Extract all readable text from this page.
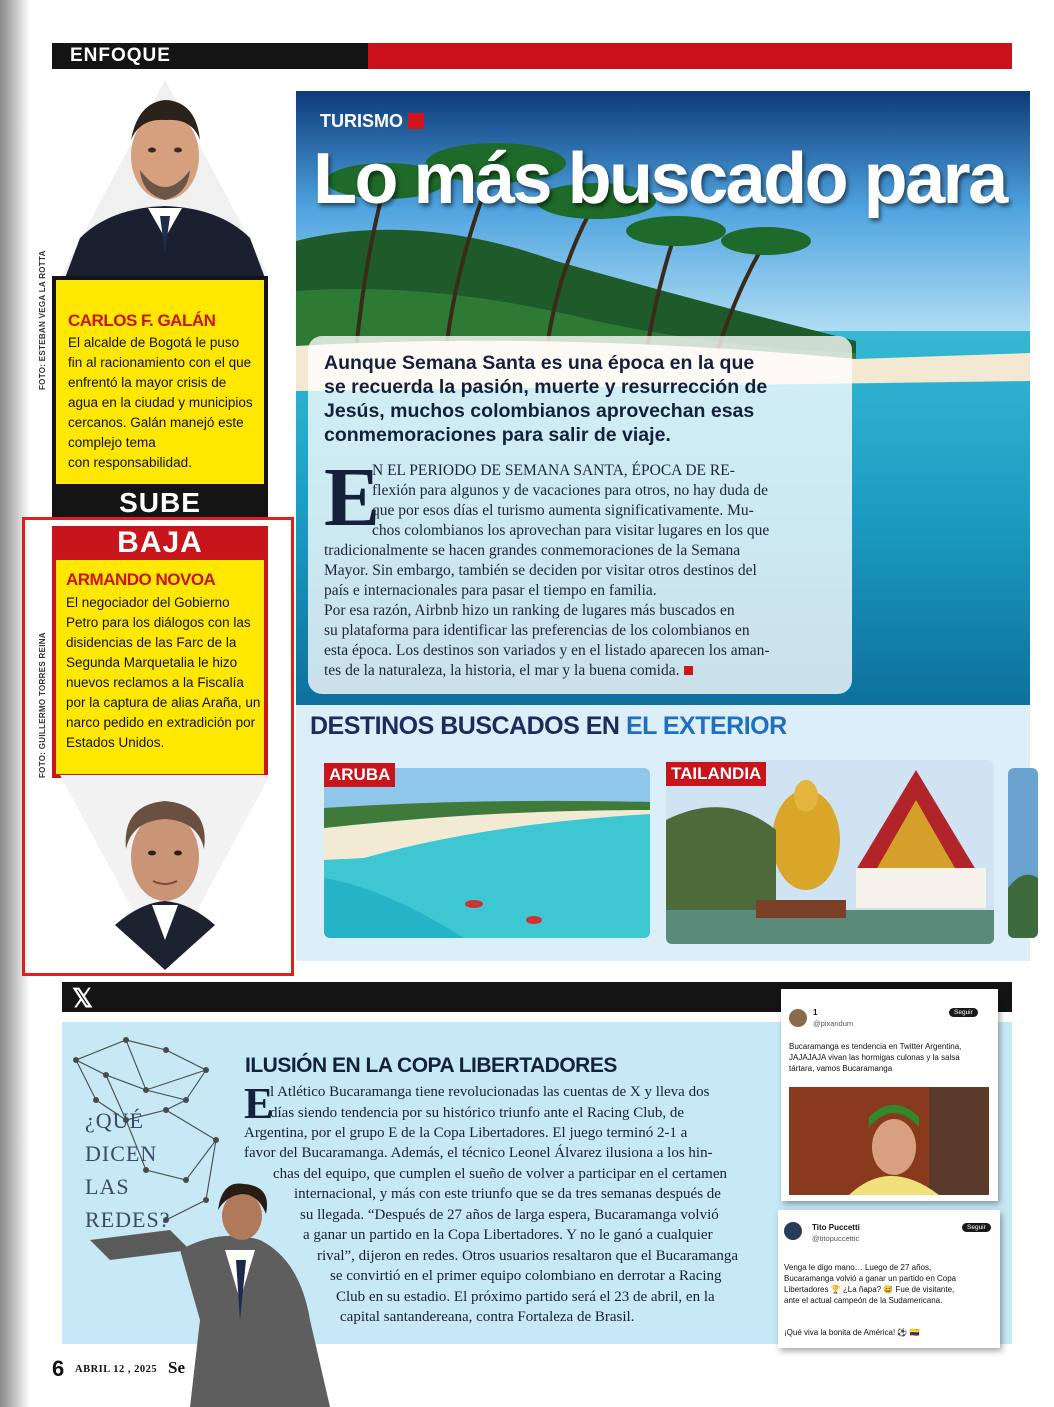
ENFOQUE
FOTO: ESTEBAN VEGA LA ROTTA CARLOS F. GALÁN
El alcalde de Bogotá le puso
fin al racionamiento con el que
enfrentó la mayor crisis de
agua en la ciudad y municipios
cercanos. Galán manejó este
complejo tema
con responsabilidad.
SUBE
BAJA
FOTO: GUILLERMO TORRES REINA
ARMANDO NOVOA
El negociador del Gobierno
Petro para los diálogos con las
disidencias de las Farc de la
Segunda Marquetalia le hizo
nuevos reclamos a la Fiscalía
por la captura de alias Araña, un
narco pedido en extradición por
Estados Unidos.
TURISMO
Lo más buscado para
Aunque Semana Santa es una época en la que
se recuerda la pasión, muerte y resurrección de
Jesús, muchos colombianos aprovechan esas
conmemoraciones para salir de viaje.
E
N EL PERIODO DE SEMANA SANTA, ÉPOCA DE RE-
flexión para algunos y de vacaciones para otros, no hay duda de
que por esos días el turismo aumenta significativamente. Mu-
chos colombianos los aprovechan para visitar lugares en los que
tradicionalmente se hacen grandes conmemoraciones de la Semana
Mayor. Sin embargo, también se deciden por visitar otros destinos del
país e internacionales para pasar el tiempo en familia.
Por esa razón, Airbnb hizo un ranking de lugares más buscados en
su plataforma para identificar las preferencias de los colombianos en
esta época. Los destinos son variados y en el listado aparecen los aman-
tes de la naturaleza, la historia, el mar y la buena comida.
DESTINOS BUSCADOS EN EL EXTERIOR
ARUBA	TAILANDIA
𝕏
¿QUÉ
DICEN
LAS
REDES?
ILUSIÓN EN LA COPA LIBERTADORES
E
l Atlético Bucaramanga tiene revolucionadas las cuentas de X y lleva dos
días siendo tendencia por su histórico triunfo ante el Racing Club, de
Argentina, por el grupo E de la Copa Libertadores. El juego terminó 2-1 a
favor del Bucaramanga. Además, el técnico Leonel Álvarez ilusiona a los hin-
chas del equipo, que cumplen el sueño de volver a participar en el certamen
internacional, y más con este triunfo que se da tres semanas después de
su llegada. “Después de 27 años de larga espera, Bucaramanga volvió
a ganar un partido en la Copa Libertadores. Y no le ganó a cualquier
rival”, dijeron en redes. Otros usuarios resaltaron que el Bucaramanga
se convirtió en el primer equipo colombiano en derrotar a Racing
Club en su estadio. El próximo partido será el 23 de abril, en la
capital santandereana, contra Fortaleza de Brasil.
1
@pixandum
Seguir
Bucaramanga es tendencia en Twitter Argentina,
JAJAJAJA vivan las hormigas culonas y la salsa
tártara, vamos Bucaramanga
Tito Puccetti
@titopuccettic
Seguir
Venga le digo mano… Luego de 27 años,
Bucaramanga volvió a ganar un partido en Copa
Libertadores 🏆 ¿La ñapa? 😅 Fue de visitante,
ante el actual campeón de la Sudamericana.
¡Qué viva la bonita de América! ⚽ 🇨🇴
6 ABRIL 12 , 2025 Se
